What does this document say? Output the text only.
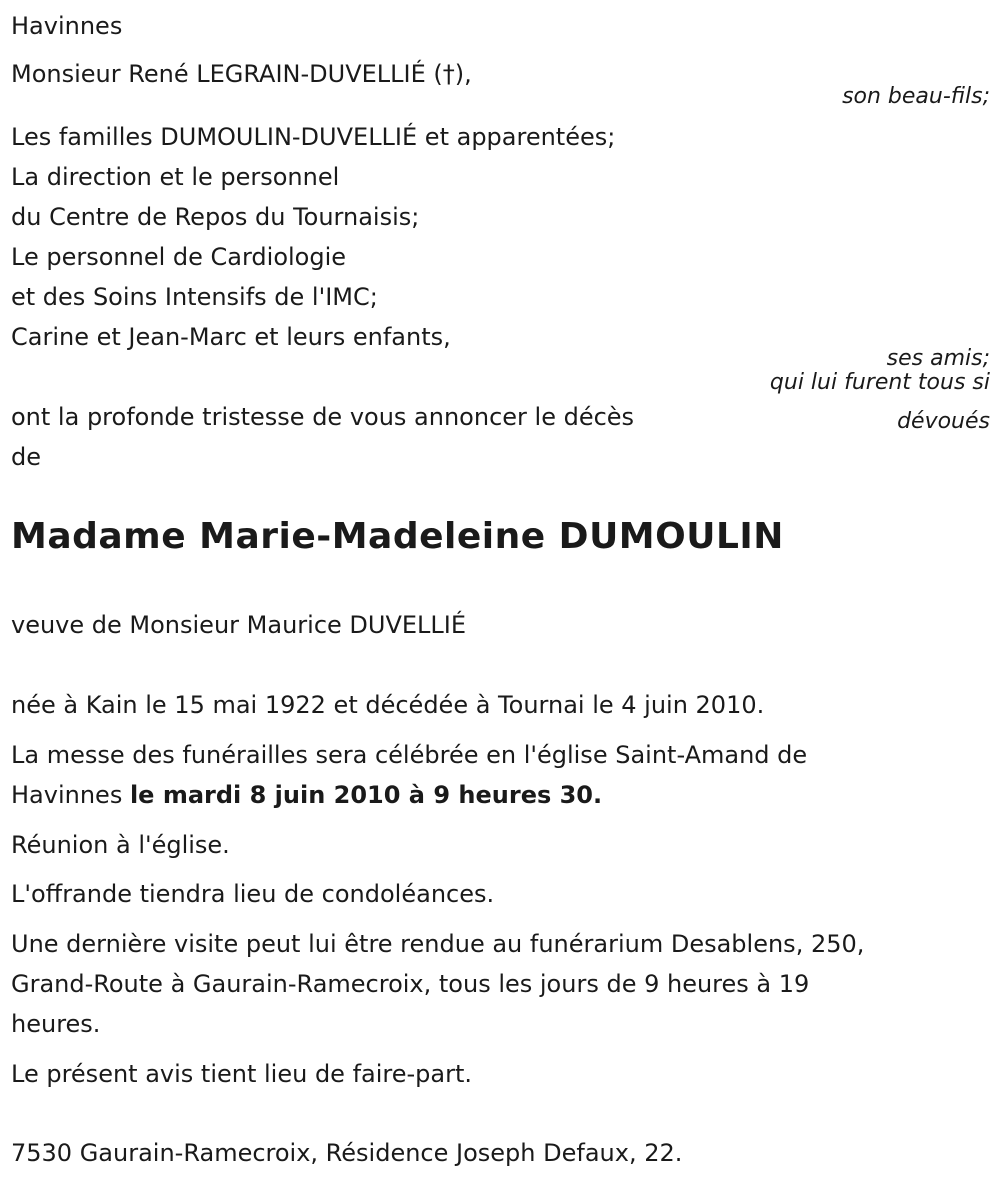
Havinnes
Monsieur René LEGRAIN-DUVELLIÉ (†),
son beau-fils;
Les familles DUMOULIN-DUVELLIÉ et apparentées;
La direction et le personnel
du Centre de Repos du Tournaisis;
Le personnel de Cardiologie
et des Soins Intensifs de l'IMC;
Carine et Jean-Marc et leurs enfants,
ses amis;
qui lui furent tous si
dévoués
ont la profonde tristesse de vous annoncer le décès
de
Madame Marie-Madeleine DUMOULIN
veuve de Monsieur Maurice DUVELLIÉ
née à Kain le 15 mai 1922 et décédée à Tournai le 4 juin 2010.
La messe des funérailles sera célébrée en l'église Saint-Amand de
Havinnes le mardi 8 juin 2010 à 9 heures 30.
Réunion à l'église.
L'offrande tiendra lieu de condoléances.
Une dernière visite peut lui être rendue au funérarium Desablens, 250,
Grand-Route à Gaurain-Ramecroix, tous les jours de 9 heures à 19
heures.
Le présent avis tient lieu de faire-part.
7530 Gaurain-Ramecroix, Résidence Joseph Defaux, 22.
